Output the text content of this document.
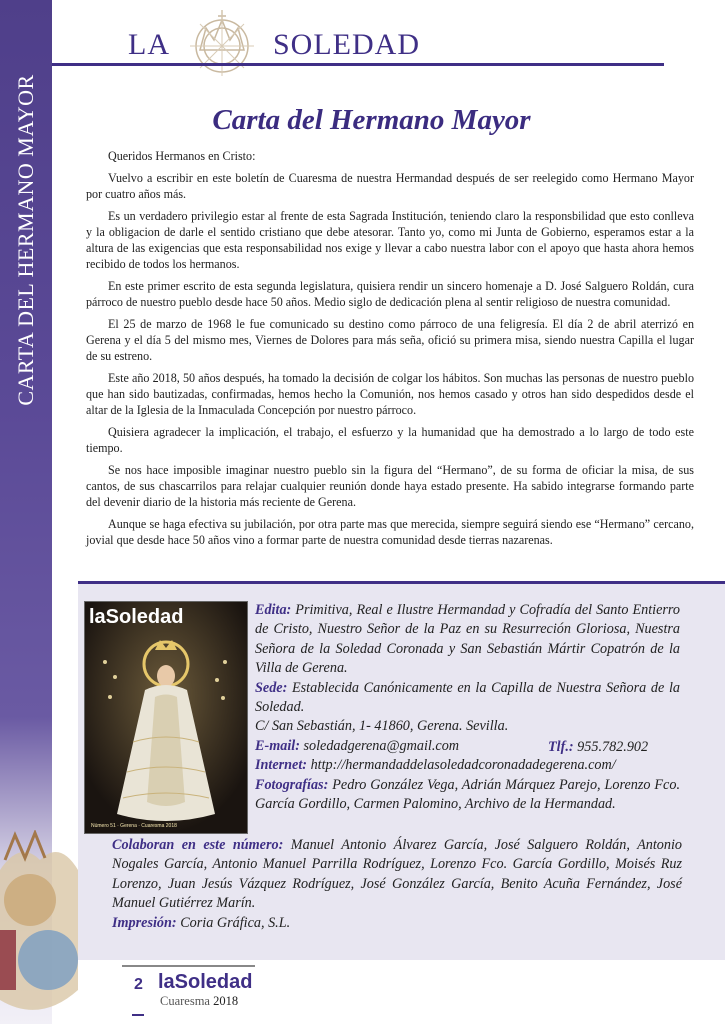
CARTA DEL HERMANO MAYOR
LA	SOLEDAD
Carta del Hermano Mayor

Queridos Hermanos en Cristo:

Vuelvo a escribir en este boletín de Cuaresma de nuestra Hermandad después de ser reelegido como Hermano Mayor por cuatro años más.

Es un verdadero privilegio estar al frente de esta Sagrada Institución, teniendo claro la responsbilidad que esto conlleva y la obligacion de darle el sentido cristiano que debe atesorar. Tanto yo, como mi Junta de Gobierno, esperamos estar a la altura de las exigencias que esta responsabilidad nos exige y llevar a cabo nuestra labor con el apoyo que hasta ahora hemos recibido de todos los hermanos.

En este primer escrito de esta segunda legislatura, quisiera rendir un sincero homenaje a D. José Salguero Roldán, cura párroco de nuestro pueblo desde hace 50 años. Medio siglo de dedicación plena al sentir religioso de nuestra comunidad.

El 25 de marzo de 1968 le fue comunicado su destino como párroco de una feligresía. El día 2 de abril aterrizó en Gerena y el día 5 del mismo mes, Viernes de Dolores para más seña, ofició su primera misa, siendo nuestra Capilla el lugar de su estreno.

Este año 2018, 50 años después, ha tomado la decisión de colgar los hábitos. Son muchas las personas de nuestro pueblo que han sido bautizadas, confirmadas, hemos hecho la Comunión, nos hemos casado y otros han sido despedidos desde el altar de la Iglesia de la Inmaculada Concepción por nuestro párroco.

Quisiera agradecer la implicación, el trabajo, el esfuerzo y la humanidad que ha demostrado a lo largo de todo este tiempo.

Se nos hace imposible imaginar nuestro pueblo sin la figura del “Hermano”, de su forma de oficiar la misa, de sus cantos, de sus chascarrilos para relajar cualquier reunión donde haya estado presente. Ha sabido integrarse formando parte del devenir diario de la historia más reciente de Gerena.

Aunque se haga efectiva su jubilación, por otra parte mas que merecida, siempre seguirá siendo ese “Hermano” cercano, jovial que desde hace 50 años vino a formar parte de nuestra comunidad desde tierras nazarenas.

laSoledad
Número 51 · Gerena · Cuaresma 2018
Edita: Primitiva, Real e Ilustre Hermandad y Cofradía del Santo Entierro de Cristo, Nuestro Señor de la Paz en su Resurreción Gloriosa, Nuestra Señora de la Soledad Coronada y San Sebastián Mártir Copatrón de la Villa de Gerena.
Sede: Establecida Canónicamente en la Capilla de Nuestra Señora de la Soledad.
C/ San Sebastián, 1- 41860, Gerena. Sevilla.
E-mail: soledadgerena@gmail.com
Internet: http://hermandaddelasoledadcoronadadegerena.com/
Fotografías: Pedro González Vega, Adrián Márquez Parejo, Lorenzo Fco. García Gordillo, Carmen Palomino, Archivo de la Hermandad.
Tlf.: 955.782.902
Colaboran en este número: Manuel Antonio Álvarez García, José Salguero Roldán, Antonio Nogales García, Antonio Manuel Parrilla Rodríguez, Lorenzo Fco. García Gordillo, Moisés Ruz Lorenzo, Juan Jesús Vázquez Rodríguez, José González García, Benito Acuña Fernández, José Manuel Gutiérrez Marín.
Impresión: Coria Gráfica, S.L.
2 laSoledad
Cuaresma 2018
